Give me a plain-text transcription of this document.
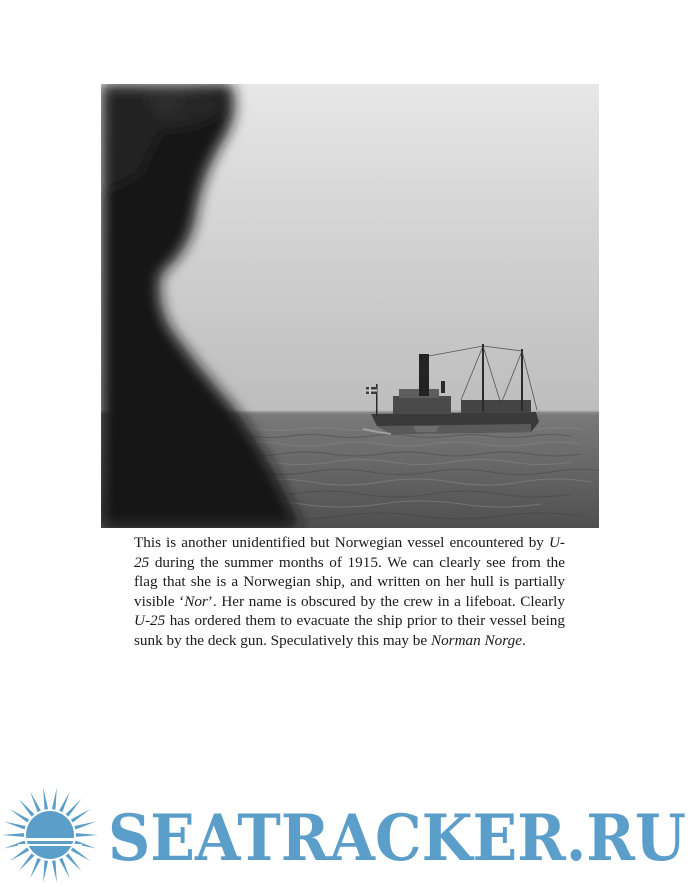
This is another unidentified but Norwegian vessel encountered by U-25 during the summer months of 1915. We can clearly see from the flag that she is a Norwegian ship, and written on her hull is partially visible ‘Nor’. Her name is obscured by the crew in a lifeboat. Clearly U-25 has ordered them to evacuate the ship prior to their vessel being sunk by the deck gun. Speculatively this may be Norman Norge.

SEATRACKER.RU
